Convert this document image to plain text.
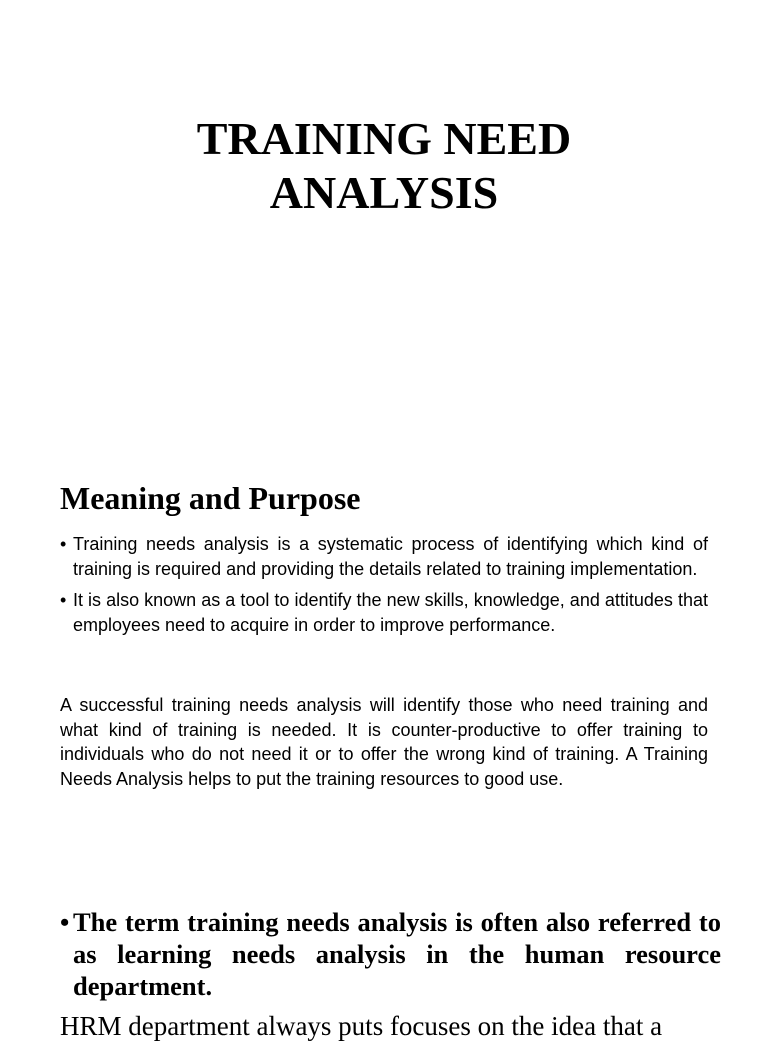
TRAINING NEED
ANALYSIS
Meaning and Purpose
• Training needs analysis is a systematic process of identifying which kind of training is required and providing the details related to training implementation.
• It is also known as a tool to identify the new skills, knowledge, and attitudes that employees need to acquire in order to improve performance.

A successful training needs analysis will identify those who need training and what kind of training is needed. It is counter-productive to offer training to individuals who do not need it or to offer the wrong kind of training. A Training Needs Analysis helps to put the training resources to good use.

• The term training needs analysis is often also referred to as learning needs analysis in the human resource department.

HRM department always puts focuses on the idea that a
